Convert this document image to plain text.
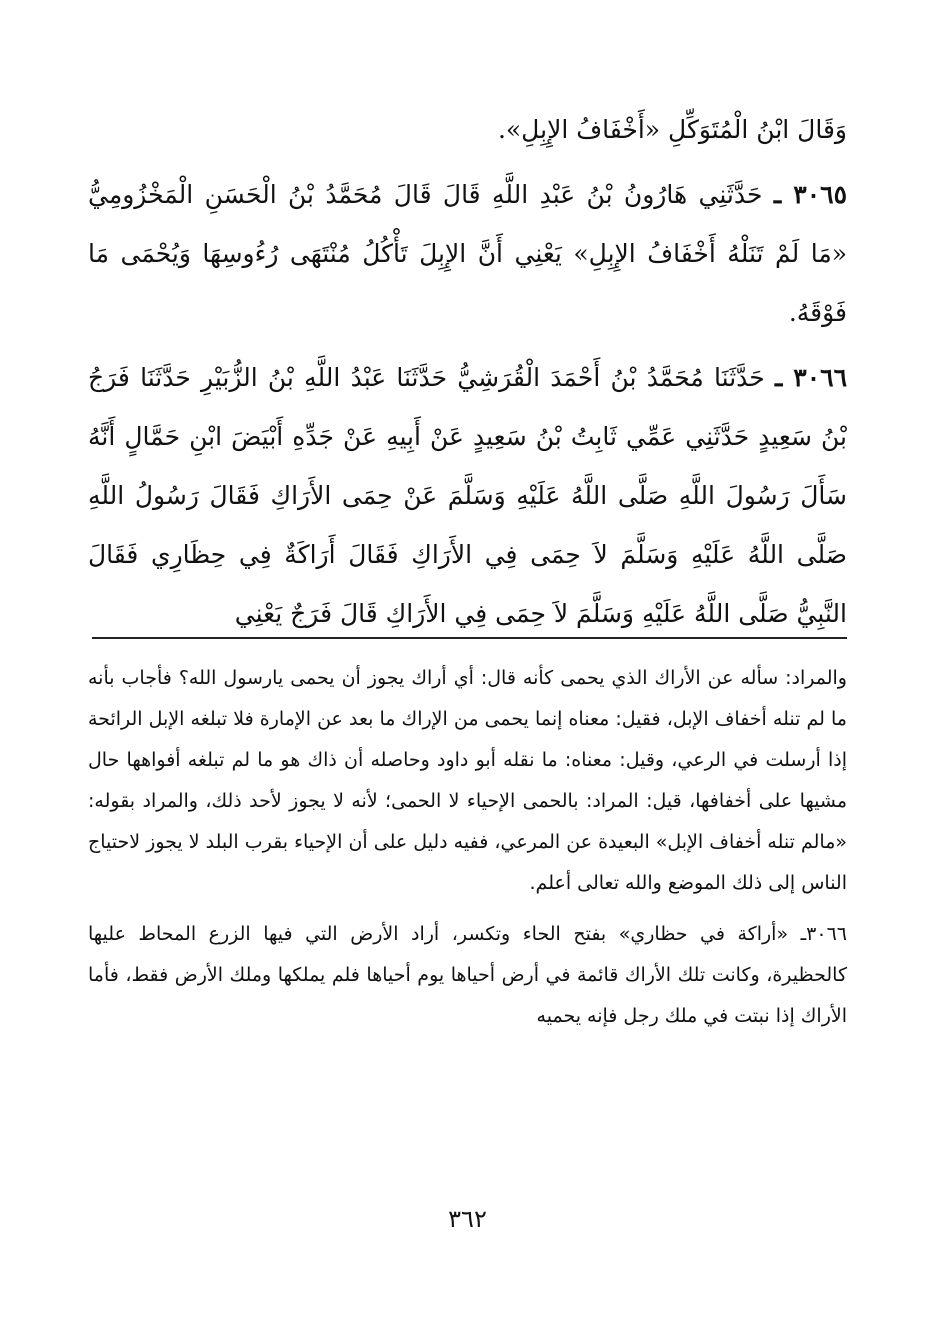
وَقَالَ ابْنُ الْمُتَوَكِّلِ «أَخْفَافُ الإِبِلِ».

٣٠٦٥ ـ حَدَّثَنِي هَارُونُ بْنُ عَبْدِ اللَّهِ قَالَ قَالَ مُحَمَّدُ بْنُ الْحَسَنِ الْمَخْزُومِيُّ «مَا لَمْ تَنَلْهُ أَخْفَافُ الإِبِلِ» يَعْنِي أَنَّ الإِبِلَ تَأْكُلُ مُنْتَهَى رُءُوسِهَا وَيُحْمَى مَا فَوْقَهُ.

٣٠٦٦ ـ حَدَّثَنَا مُحَمَّدُ بْنُ أَحْمَدَ الْقُرَشِيُّ حَدَّثَنَا عَبْدُ اللَّهِ بْنُ الزُّبَيْرِ حَدَّثَنَا فَرَجُ بْنُ سَعِيدٍ حَدَّثَنِي عَمِّي ثَابِتُ بْنُ سَعِيدٍ عَنْ أَبِيهِ عَنْ جَدِّهِ أَبْيَضَ ابْنِ حَمَّالٍ أَنَّهُ سَأَلَ رَسُولَ اللَّهِ صَلَّى اللَّهُ عَلَيْهِ وَسَلَّمَ عَنْ حِمَى الأَرَاكِ فَقَالَ رَسُولُ اللَّهِ صَلَّى اللَّهُ عَلَيْهِ وَسَلَّمَ لاَ حِمَى فِي الأَرَاكِ فَقَالَ أَرَاكَةٌ فِي حِظَارِي فَقَالَ النَّبِيُّ صَلَّى اللَّهُ عَلَيْهِ وَسَلَّمَ لاَ حِمَى فِي الأَرَاكِ قَالَ فَرَجٌ يَعْنِي

والمراد: سأله عن الأراك الذي يحمى كأنه قال: أي أراك يجوز أن يحمى يارسول الله؟ فأجاب بأنه ما لم تنله أخفاف الإبل، فقيل: معناه إنما يحمى من الإراك ما بعد عن الإمارة فلا تبلغه الإبل الرائحة إذا أرسلت في الرعي، وقيل: معناه: ما نقله أبو داود وحاصله أن ذاك هو ما لم تبلغه أفواهها حال مشيها على أخفافها، قيل: المراد: بالحمى الإحياء لا الحمى؛ لأنه لا يجوز لأحد ذلك، والمراد بقوله: «مالم تنله أخفاف الإبل» البعيدة عن المرعي، ففيه دليل على أن الإحياء بقرب البلد لا يجوز لاحتياج الناس إلى ذلك الموضع والله تعالى أعلم.

٣٠٦٦ـ «أراكة في حظاري» بفتح الحاء وتكسر، أراد الأرض التي فيها الزرع المحاط عليها كالحظيرة، وكانت تلك الأراك قائمة في أرض أحياها يوم أحياها فلم يملكها وملك الأرض فقط، فأما الأراك إذا نبتت في ملك رجل فإنه يحميه

٣٦٢
